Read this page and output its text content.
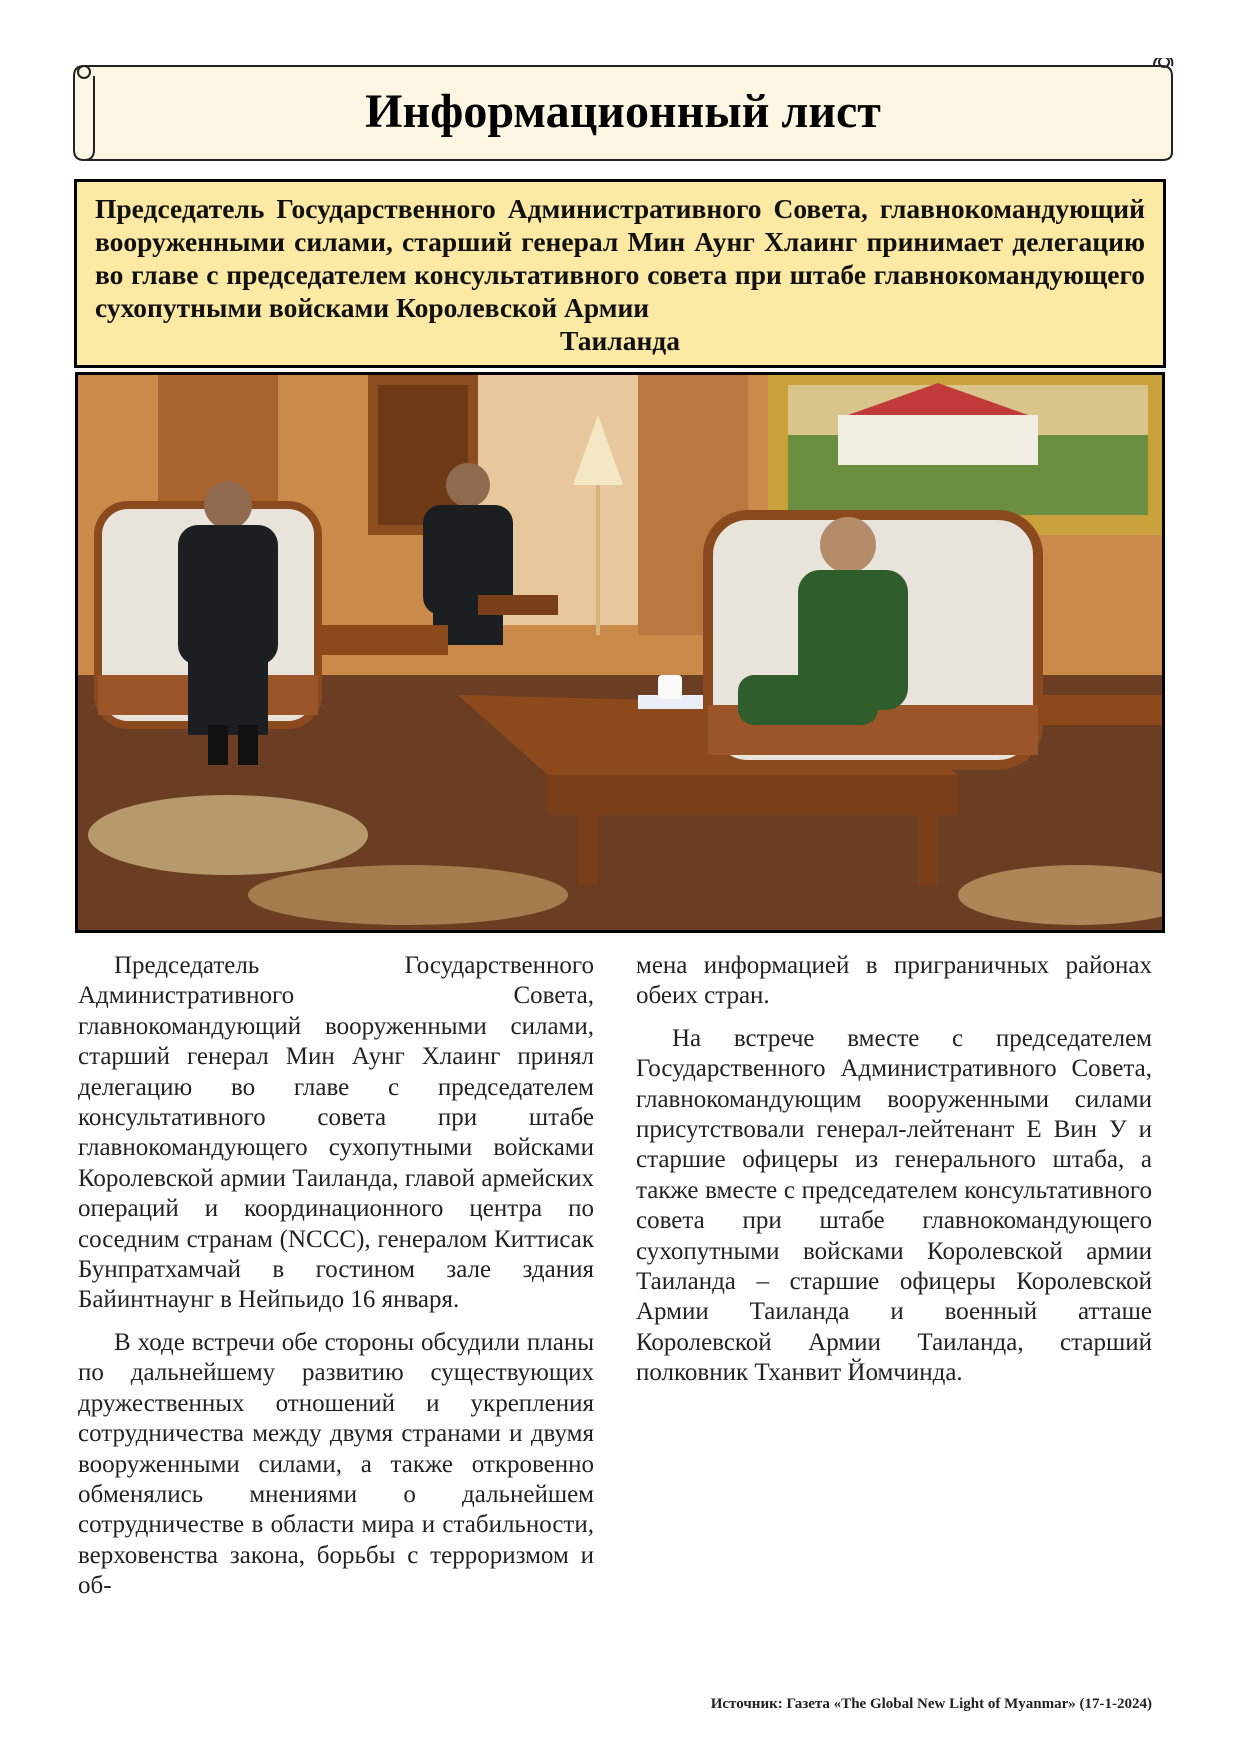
Информационный лист
Председатель Государственного Административного Совета, главнокомандующий вооруженными силами, старший генерал Мин Аунг Хлаинг принимает делегацию во главе с председателем консультативного совета при штабе главнокомандующего сухопутными войсками Королевской Армии
Таиланда

Председатель Государственного Административного Совета, главнокомандующий вооруженными силами, старший генерал Мин Аунг Хлаинг принял делегацию во главе с председателем консультативного совета при штабе главнокомандующего сухопутными войсками Королевской армии Таиланда, главой армейских операций и координационного центра по соседним странам (NCCC), генералом Киттисак Бунпратхамчай в гостином зале здания Байинтнаунг в Нейпьидо 16 января.

В ходе встречи обе стороны обсудили планы по дальнейшему развитию существующих дружественных отношений и укрепления сотрудничества между двумя странами и двумя вооруженными силами, а также откровенно обменялись мнениями о дальнейшем сотрудничестве в области мира и стабильности, верховенства закона, борьбы с терроризмом и об-

мена информацией в приграничных районах обеих стран.

На встрече вместе с председателем Государственного Административного Совета, главнокомандующим вооруженными силами присутствовали генерал-лейтенант Е Вин У и старшие офицеры из генерального штаба, а также вместе с председателем консультативного совета при штабе главнокомандующего сухопутными войсками Королевской армии Таиланда – старшие офицеры Королевской Армии Таиланда и военный атташе Королевской Армии Таиланда, старший полковник Тханвит Йомчинда.

Источник: Газета «The Global New Light of Myanmar» (17-1-2024)
